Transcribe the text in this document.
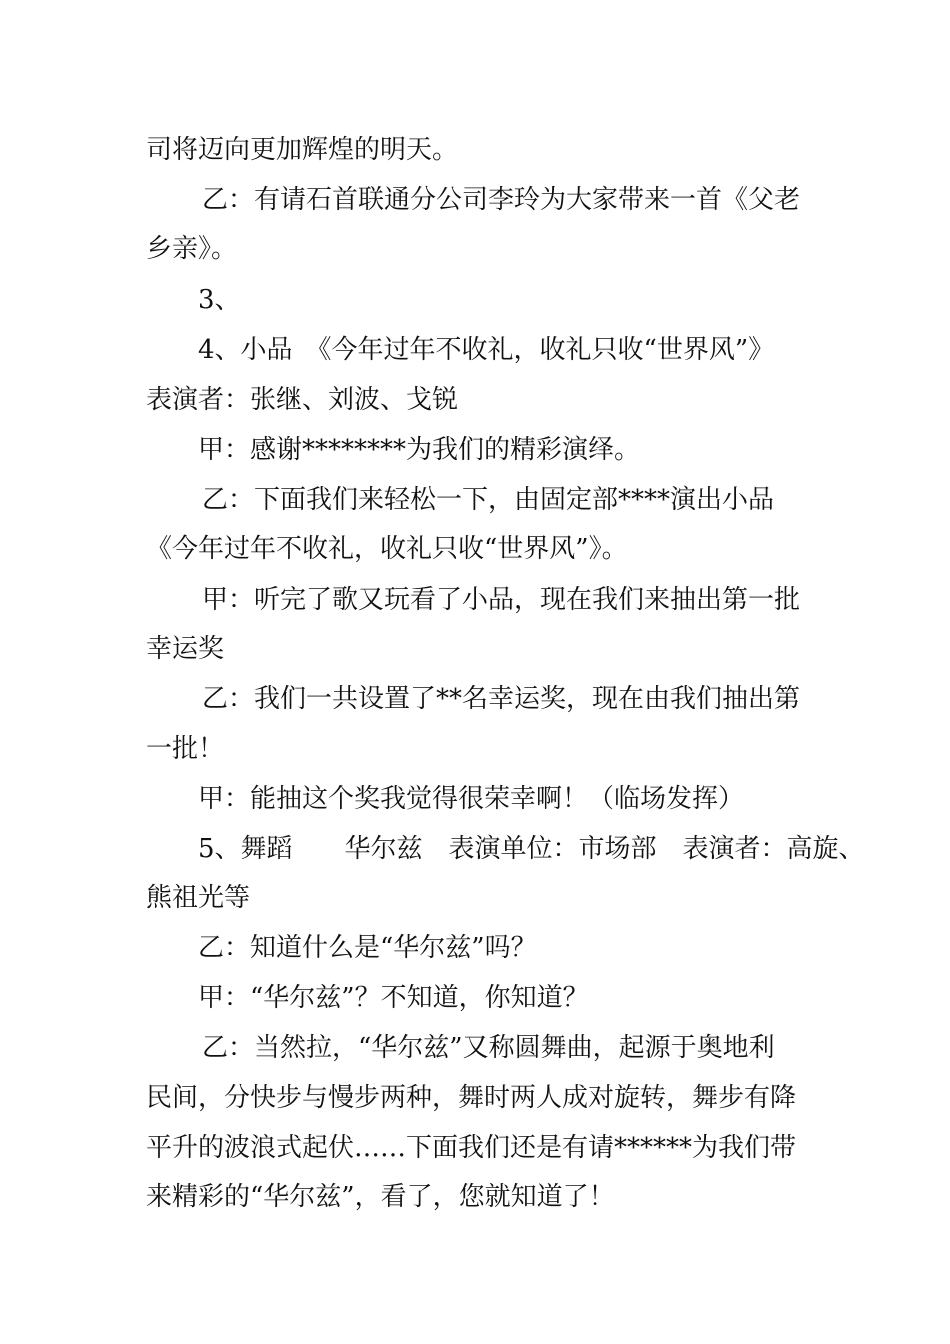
司将迈向更加辉煌的明天。
乙：有请石首联通分公司李玲为大家带来一首《父老
乡亲》。
3、
4、小品　《今年过年不收礼，收礼只收“世界风”》
表演者：张继、刘波、戈锐
甲：感谢********为我们的精彩演绎。
乙：下面我们来轻松一下，由固定部****演出小品
《今年过年不收礼，收礼只收“世界风”》。
甲：听完了歌又玩看了小品，现在我们来抽出第一批
幸运奖
乙：我们一共设置了**名幸运奖，现在由我们抽出第
一批！
甲：能抽这个奖我觉得很荣幸啊！（临场发挥）
5、舞蹈　　华尔兹　表演单位：市场部　表演者：高旋、
熊祖光等
乙：知道什么是“华尔兹”吗？
甲：“华尔兹”？不知道，你知道？
乙：当然拉，“华尔兹”又称圆舞曲，起源于奥地利
民间，分快步与慢步两种，舞时两人成对旋转，舞步有降
平升的波浪式起伏……下面我们还是有请******为我们带
来精彩的“华尔兹”，看了，您就知道了！
